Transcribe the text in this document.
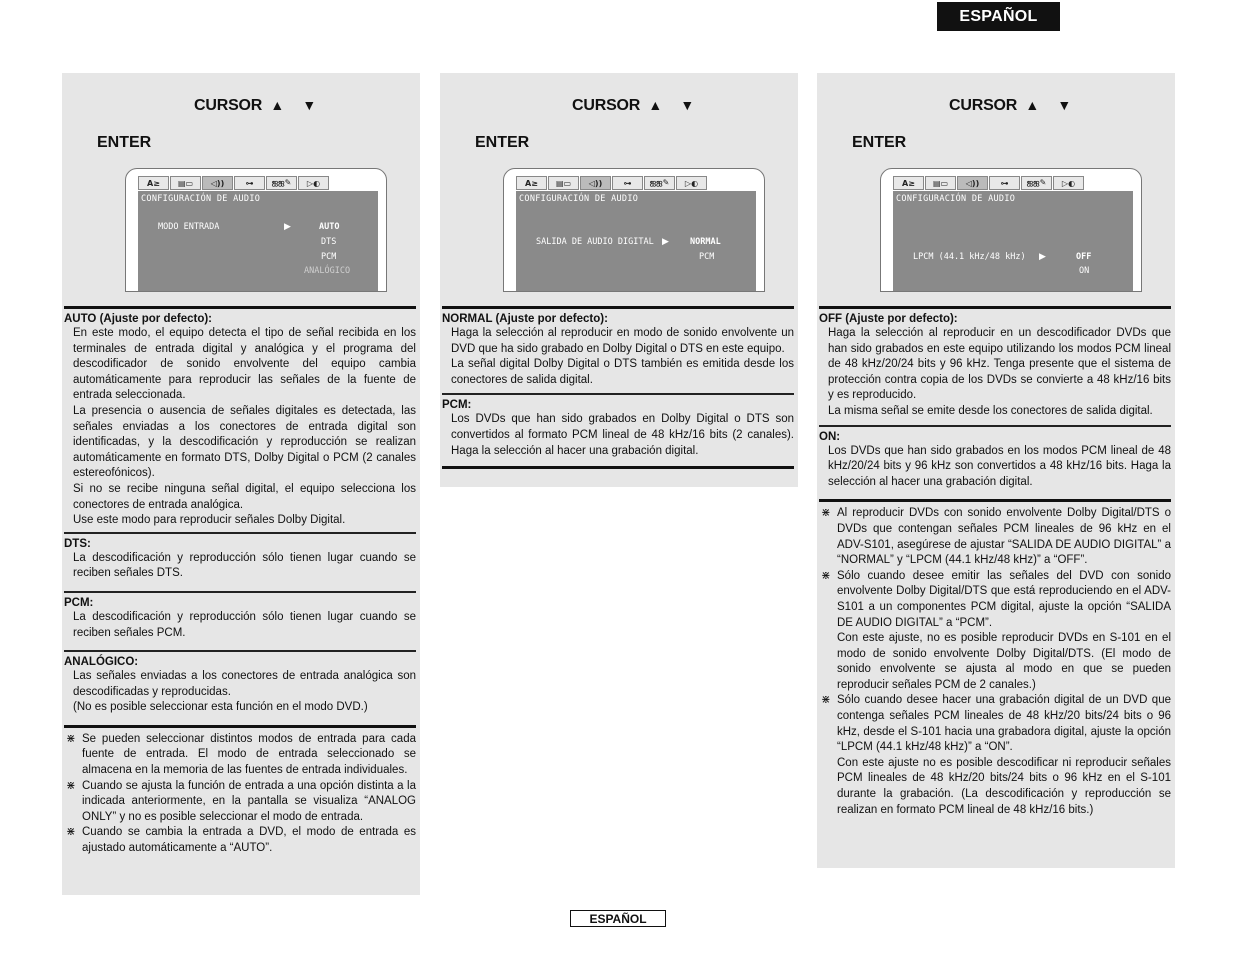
ESPAÑOL
CURSOR ▲ ▼
ENTER
A≥	▤▭	◁))	⊶	ஐஐ✎	▷◐
CONFIGURACIÓN DE AUDIO
MODO ENTRADA	▶	AUTO
DTS
PCM
ANALÓGICO
AUTO (Ajuste por defecto):

En este modo, el equipo detecta el tipo de señal recibida en los terminales de entrada digital y analógica y el programa del descodificador de sonido envolvente del equipo cambia automáticamente para reproducir las señales de la fuente de entrada seleccionada.

La presencia o ausencia de señales digitales es detectada, las señales enviadas a los conectores de entrada digital son identificadas, y la descodificación y reproducción se realizan automáticamente en formato DTS, Dolby Digital o PCM (2 canales estereofónicos).

Si no se recibe ninguna señal digital, el equipo selecciona los conectores de entrada analógica.

Use este modo para reproducir señales Dolby Digital.

DTS:

La descodificación y reproducción sólo tienen lugar cuando se reciben señales DTS.

PCM:

La descodificación y reproducción sólo tienen lugar cuando se reciben señales PCM.

ANALÓGICO:

Las señales enviadas a los conectores de entrada analógica son descodificadas y reproducidas.

(No es posible seleccionar esta función en el modo DVD.)

⋇ Se pueden seleccionar distintos modos de entrada para cada fuente de entrada. El modo de entrada seleccionado se almacena en la memoria de las fuentes de entrada individuales.
⋇ Cuando se ajusta la función de entrada a una opción distinta a la indicada anteriormente, en la pantalla se visualiza “ANALOG ONLY” y no es posible seleccionar el modo de entrada.
⋇ Cuando se cambia la entrada a DVD, el modo de entrada es ajustado automáticamente a “AUTO”.
CURSOR ▲ ▼
ENTER
A≥	▤▭	◁))	⊶	ஐஐ✎	▷◐
CONFIGURACIÓN DE AUDIO
SALIDA DE AUDIO DIGITAL ▶ NORMAL
PCM
NORMAL (Ajuste por defecto):

Haga la selección al reproducir en modo de sonido envolvente un DVD que ha sido grabado en Dolby Digital o DTS en este equipo.

La señal digital Dolby Digital o DTS también es emitida desde los conectores de salida digital.

PCM:

Los DVDs que han sido grabados en Dolby Digital o DTS son convertidos al formato PCM lineal de 48 kHz/16 bits (2 canales). Haga la selección al hacer una grabación digital.

CURSOR ▲ ▼
ENTER
A≥	▤▭	◁))	⊶	ஐஐ✎	▷◐
CONFIGURACIÓN DE AUDIO
LPCM (44.1 kHz/48 kHz) ▶	OFF
ON
OFF (Ajuste por defecto):

Haga la selección al reproducir en un descodificador DVDs que han sido grabados en este equipo utilizando los modos PCM lineal de 48 kHz/20/24 bits y 96 kHz. Tenga presente que el sistema de protección contra copia de los DVDs se convierte a 48 kHz/16 bits y es reproducido.

La misma señal se emite desde los conectores de salida digital.

ON:

Los DVDs que han sido grabados en los modos PCM lineal de 48 kHz/20/24 bits y 96 kHz son convertidos a 48 kHz/16 bits. Haga la selección al hacer una grabación digital.

⋇ Al reproducir DVDs con sonido envolvente Dolby Digital/DTS o DVDs que contengan señales PCM lineales de 96 kHz en el ADV-S101, asegúrese de ajustar “SALIDA DE AUDIO DIGITAL” a “NORMAL” y “LPCM (44.1 kHz/48 kHz)” a “OFF”.
⋇ Sólo cuando desee emitir las señales del DVD con sonido envolvente Dolby Digital/DTS que está reproduciendo en el ADV-S101 a un componentes PCM digital, ajuste la opción “SALIDA DE AUDIO DIGITAL” a “PCM”.
Con este ajuste, no es posible reproducir DVDs en S-101 en el modo de sonido envolvente Dolby Digital/DTS. (El modo de sonido envolvente se ajusta al modo en que se pueden reproducir señales PCM de 2 canales.)
⋇ Sólo cuando desee hacer una grabación digital de un DVD que contenga señales PCM lineales de 48 kHz/20 bits/24 bits o 96 kHz, desde el S-101 hacia una grabadora digital, ajuste la opción “LPCM (44.1 kHz/48 kHz)” a “ON”.
Con este ajuste no es posible descodificar ni reproducir señales PCM lineales de 48 kHz/20 bits/24 bits o 96 kHz en el S-101 durante la grabación. (La descodificación y reproducción se realizan en formato PCM lineal de 48 kHz/16 bits.)
ESPAÑOL
